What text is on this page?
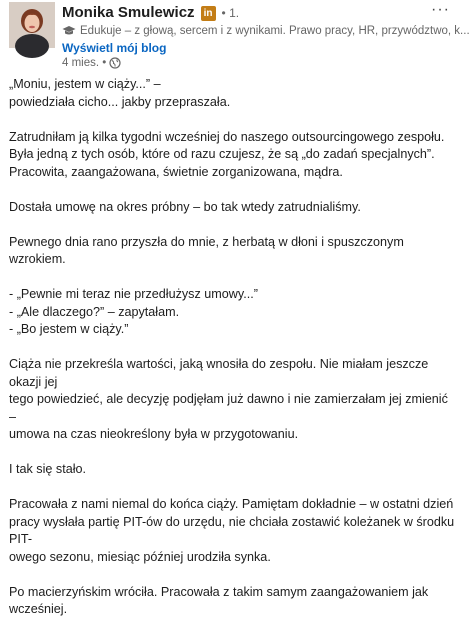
Monika Smulewicz in • 1.	···
Edukuje – z głową, sercem i z wynikami. Prawo pracy, HR, przywództwo, k...
Wyświetl mój blog
4 mies. •

„Moniu, jestem w ciąży...” –
powiedziała cicho... jakby przepraszała.

Zatrudniłam ją kilka tygodni wcześniej do naszego outsourcingowego zespołu.
Była jedną z tych osób, które od razu czujesz, że są „do zadań specjalnych”.
Pracowita, zaangażowana, świetnie zorganizowana, mądra.

Dostała umowę na okres próbny – bo tak wtedy zatrudnialiśmy.

Pewnego dnia rano przyszła do mnie, z herbatą w dłoni i spuszczonym wzrokiem.

- „Pewnie mi teraz nie przedłużysz umowy...”
- „Ale dlaczego?” – zapytałam.
- „Bo jestem w ciąży.”

Ciąża nie przekreśla wartości, jaką wnosiła do zespołu. Nie miałam jeszcze okazji jej
tego powiedzieć, ale decyzję podjęłam już dawno i nie zamierzałam jej zmienić –
umowa na czas nieokreślony była w przygotowaniu.

I tak się stało.

Pracowała z nami niemal do końca ciąży. Pamiętam dokładnie – w ostatni dzień
pracy wysłała partię PIT-ów do urzędu, nie chciała zostawić koleżanek w środku PIT-
owego sezonu, miesiąc później urodziła synka.

Po macierzyńskim wróciła. Pracowała z takim samym zaangażowaniem jak wcześniej.
